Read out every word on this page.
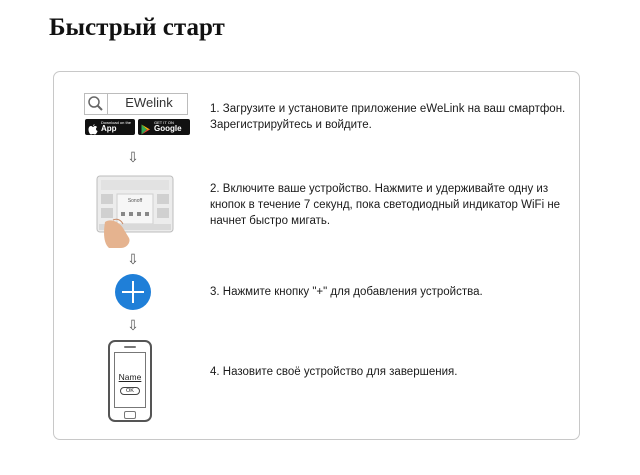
Быстрый старт
EWelink
Download on the
App Store
GET IT ON
Google Play

1. Загрузите и установите приложение eWeLink на ваш смартфон. Зарегистрируйтесь и войдите.

⇩
Sonoff

2. Включите ваше устройство. Нажмите и удерживайте одну из кнопок в течение 7 секунд, пока светодиодный индикатор WiFi не начнет быстро мигать.

⇩

3. Нажмите кнопку "+" для добавления устройства.

⇩
Name
OK

4. Назовите своё устройство для завершения.
